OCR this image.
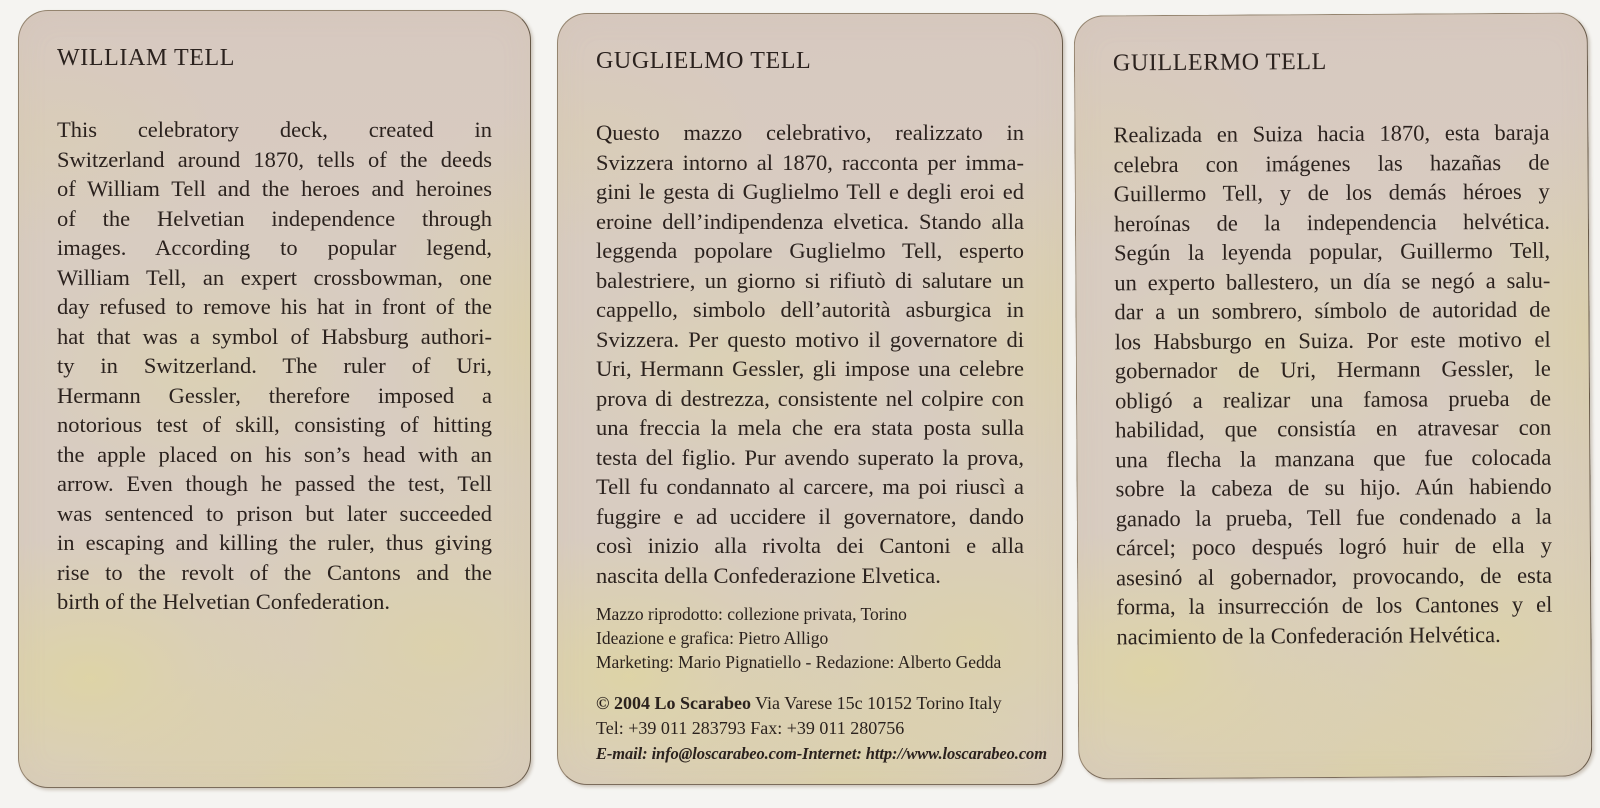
WILLIAM TELL
This celebratory deck, created in
Switzerland around 1870, tells of the deeds
of William Tell and the heroes and heroines
of the Helvetian independence through
images. According to popular legend,
William Tell, an expert crossbowman, one
day refused to remove his hat in front of the
hat that was a symbol of Habsburg authori-
ty in Switzerland. The ruler of Uri,
Hermann Gessler, therefore imposed a
notorious test of skill, consisting of hitting
the apple placed on his son’s head with an
arrow. Even though he passed the test, Tell
was sentenced to prison but later succeeded
in escaping and killing the ruler, thus giving
rise to the revolt of the Cantons and the
birth of the Helvetian Confederation.
GUGLIELMO TELL
Questo mazzo celebrativo, realizzato in
Svizzera intorno al 1870, racconta per imma-
gini le gesta di Guglielmo Tell e degli eroi ed
eroine dell’indipendenza elvetica. Stando alla
leggenda popolare Guglielmo Tell, esperto
balestriere, un giorno si rifiutò di salutare un
cappello, simbolo dell’autorità asburgica in
Svizzera. Per questo motivo il governatore di
Uri, Hermann Gessler, gli impose una celebre
prova di destrezza, consistente nel colpire con
una freccia la mela che era stata posta sulla
testa del figlio. Pur avendo superato la prova,
Tell fu condannato al carcere, ma poi riuscì a
fuggire e ad uccidere il governatore, dando
così inizio alla rivolta dei Cantoni e alla
nascita della Confederazione Elvetica.
Mazzo riprodotto: collezione privata, Torino
Ideazione e grafica: Pietro Alligo
Marketing: Mario Pignatiello - Redazione: Alberto Gedda
© 2004 Lo Scarabeo Via Varese 15c 10152 Torino Italy
Tel: +39 011 283793 Fax: +39 011 280756
E-mail: info@loscarabeo.com-Internet: http://www.loscarabeo.com
GUILLERMO TELL
Realizada en Suiza hacia 1870, esta baraja
celebra con imágenes las hazañas de
Guillermo Tell, y de los demás héroes y
heroínas de la independencia helvética.
Según la leyenda popular, Guillermo Tell,
un experto ballestero, un día se negó a salu-
dar a un sombrero, símbolo de autoridad de
los Habsburgo en Suiza. Por este motivo el
gobernador de Uri, Hermann Gessler, le
obligó a realizar una famosa prueba de
habilidad, que consistía en atravesar con
una flecha la manzana que fue colocada
sobre la cabeza de su hijo. Aún habiendo
ganado la prueba, Tell fue condenado a la
cárcel; poco después logró huir de ella y
asesinó al gobernador, provocando, de esta
forma, la insurrección de los Cantones y el
nacimiento de la Confederación Helvética.
